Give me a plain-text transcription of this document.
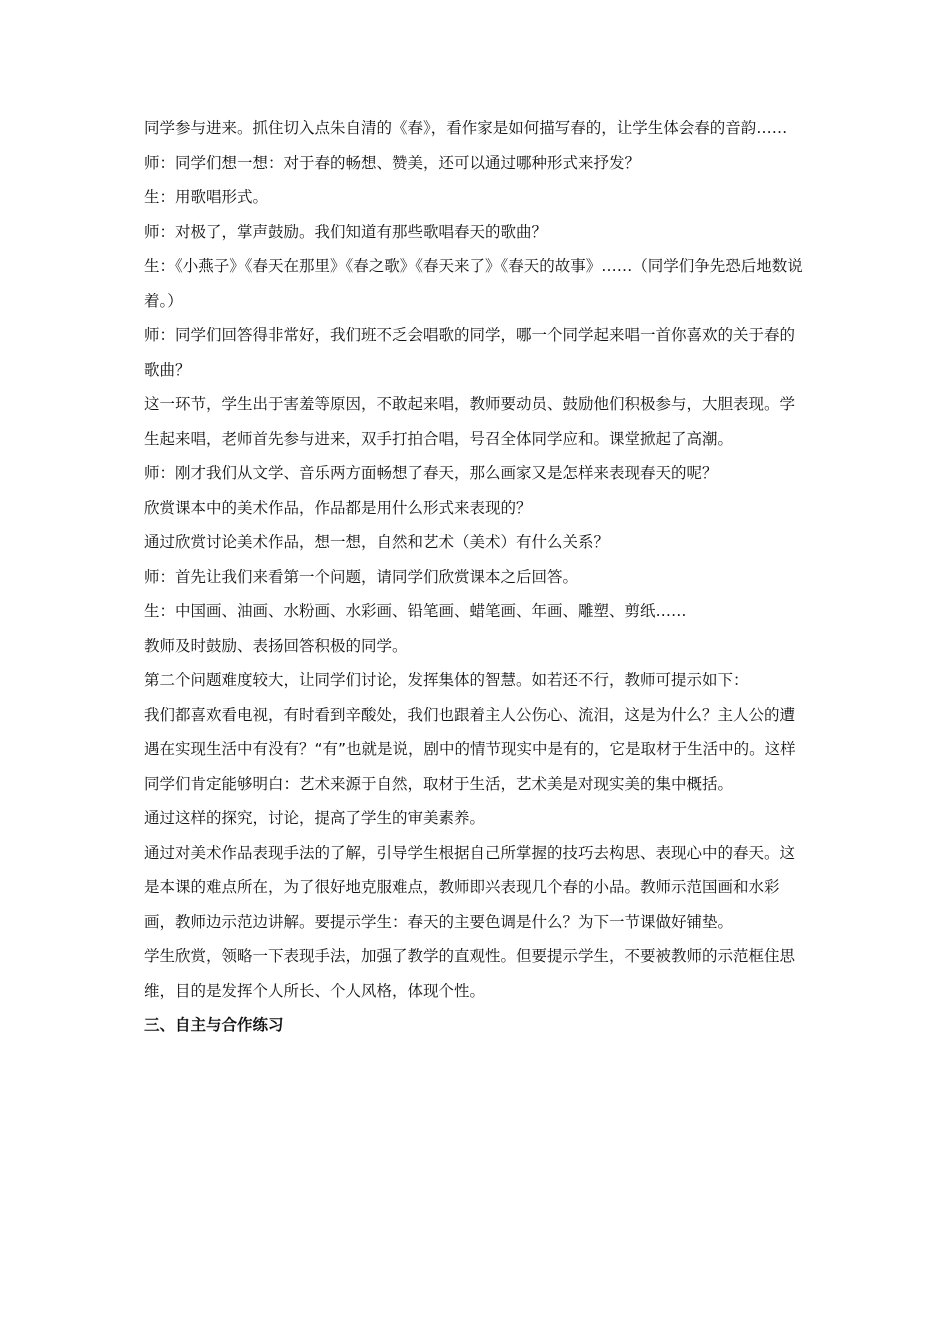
同学参与进来。抓住切入点朱自清的《春》，看作家是如何描写春的，让学生体会春的音韵……

师：同学们想一想：对于春的畅想、赞美，还可以通过哪种形式来抒发？

生：用歌唱形式。

师：对极了，掌声鼓励。我们知道有那些歌唱春天的歌曲？

生：《小燕子》《春天在那里》《春之歌》《春天来了》《春天的故事》……（同学们争先恐后地数说着。）

师：同学们回答得非常好，我们班不乏会唱歌的同学，哪一个同学起来唱一首你喜欢的关于春的歌曲？

这一环节，学生出于害羞等原因，不敢起来唱，教师要动员、鼓励他们积极参与，大胆表现。学生起来唱，老师首先参与进来，双手打拍合唱，号召全体同学应和。课堂掀起了高潮。

师：刚才我们从文学、音乐两方面畅想了春天，那么画家又是怎样来表现春天的呢？

欣赏课本中的美术作品，作品都是用什么形式来表现的？

通过欣赏讨论美术作品，想一想，自然和艺术（美术）有什么关系？

师：首先让我们来看第一个问题，请同学们欣赏课本之后回答。

生：中国画、油画、水粉画、水彩画、铅笔画、蜡笔画、年画、雕塑、剪纸……

教师及时鼓励、表扬回答积极的同学。

第二个问题难度较大，让同学们讨论，发挥集体的智慧。如若还不行，教师可提示如下：

我们都喜欢看电视，有时看到辛酸处，我们也跟着主人公伤心、流泪，这是为什么？主人公的遭遇在实现生活中有没有？“有”也就是说，剧中的情节现实中是有的，它是取材于生活中的。这样同学们肯定能够明白：艺术来源于自然，取材于生活，艺术美是对现实美的集中概括。

通过这样的探究，讨论，提高了学生的审美素养。

通过对美术作品表现手法的了解，引导学生根据自己所掌握的技巧去构思、表现心中的春天。这是本课的难点所在，为了很好地克服难点，教师即兴表现几个春的小品。教师示范国画和水彩画，教师边示范边讲解。要提示学生：春天的主要色调是什么？为下一节课做好铺垫。

学生欣赏，领略一下表现手法，加强了教学的直观性。但要提示学生，不要被教师的示范框住思维，目的是发挥个人所长、个人风格，体现个性。

三、自主与合作练习
